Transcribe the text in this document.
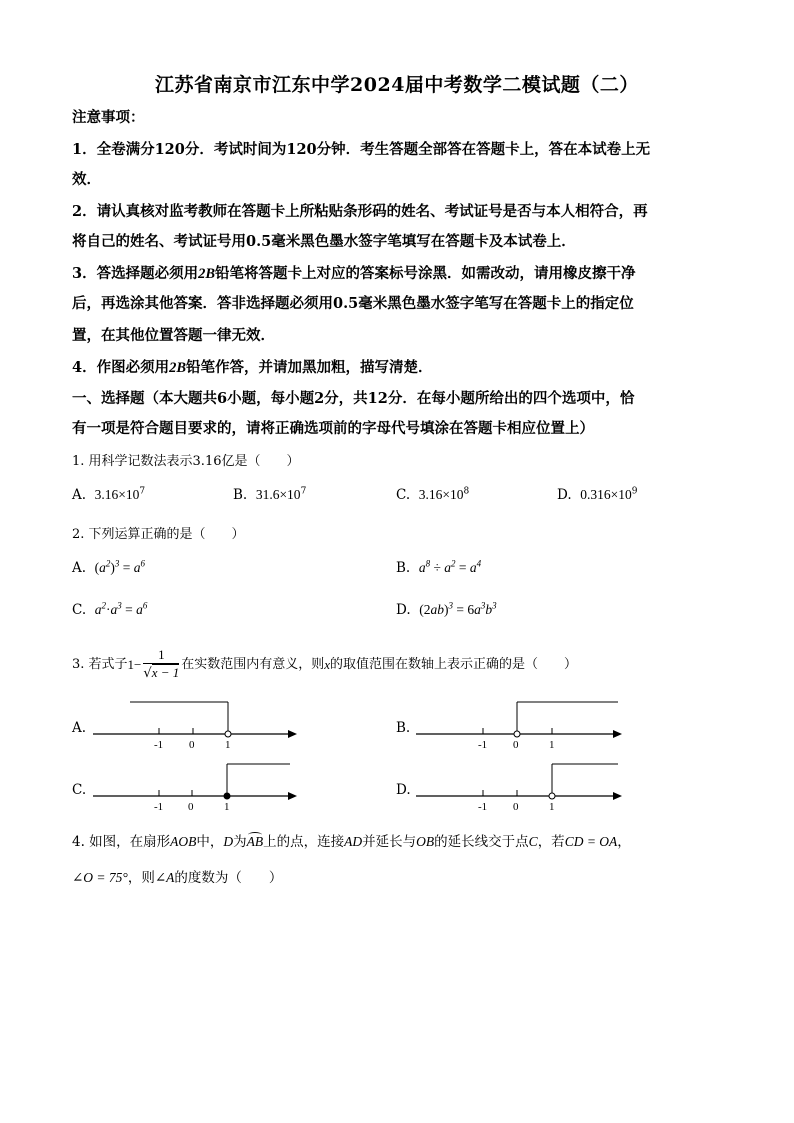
江苏省南京市江东中学2024届中考数学二模试题（二）
注意事项：
1．全卷满分120分．考试时间为120分钟．考生答题全部答在答题卡上，答在本试卷上无
效．
2．请认真核对监考教师在答题卡上所粘贴条形码的姓名、考试证号是否与本人相符合，再
将自己的姓名、考试证号用0.5毫米黑色墨水签字笔填写在答题卡及本试卷上．
3．答选择题必须用2B铅笔将答题卡上对应的答案标号涂黑．如需改动，请用橡皮擦干净
后，再选涂其他答案．答非选择题必须用0.5毫米黑色墨水签字笔写在答题卡上的指定位
置，在其他位置答题一律无效．
4．作图必须用2B铅笔作答，并请加黑加粗，描写清楚．
一、选择题（本大题共6小题，每小题2分，共12分．在每小题所给出的四个选项中，恰
有一项是符合题目要求的，请将正确选项前的字母代号填涂在答题卡相应位置上）
1. 用科学记数法表示3.16亿是（　　）
A. $3.16\times 10^7$	B. $31.6\times 10^7$	C. $3.16\times 10^8$	D. $0.316\times 10^9$
2. 下列运算正确的是（　　）
A. $(a^2)^3 = a^6$	B. $a^8 \div a^2 = a^4$
C. $a^2\cdot a^3 = a^6$	D. $(2ab)^3 = 6a^3b^3$
3. 若式子 $1 - \frac{1}{√x - 1}$ 在实数范围内有意义，则 x 的取值范围在数轴上表示正确的是（　　）
A.
-1 0	1
B.
-1 0	1
C.
-1 0	1
D.
-1 0	1
4. 如图，在扇形AOB中，D为
AB上的点，连接AD并延长与OB的延长线交于点C，若CD = OA，
∠O = 75°，则∠A的度数为（　　）
